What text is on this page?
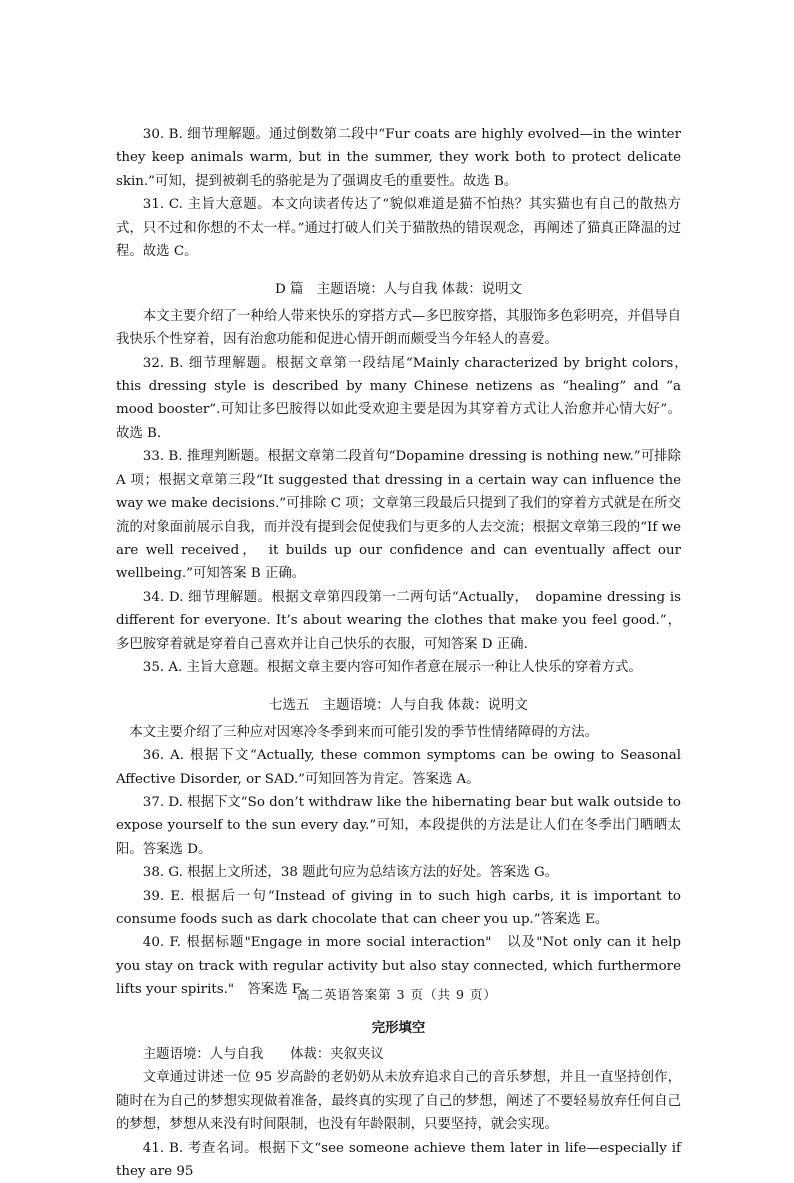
30. B. 细节理解题。通过倒数第二段中“Fur coats are highly evolved—in the winter they keep animals warm, but in the summer, they work both to protect delicate skin.”可知，提到被剃毛的骆驼是为了强调皮毛的重要性。故选 B。

31. C. 主旨大意题。本文向读者传达了“貌似难道是猫不怕热？其实猫也有自己的散热方式，只不过和你想的不太一样。”通过打破人们关于猫散热的错误观念，再阐述了猫真正降温的过程。故选 C。

D 篇　主题语境：人与自我 体裁：说明文

本文主要介绍了一种给人带来快乐的穿搭方式—多巴胺穿搭，其服饰多色彩明亮，并倡导自我快乐个性穿着，因有治愈功能和促进心情开朗而颇受当今年轻人的喜爱。

32. B. 细节理解题。根据文章第一段结尾“Mainly characterized by bright colors，　this dressing style is described by many Chinese netizens as “healing” and “a mood booster”.可知让多巴胺得以如此受欢迎主要是因为其穿着方式让人治愈并心情大好”。故选 B.

33. B. 推理判断题。根据文章第二段首句“Dopamine dressing is nothing new.”可排除 A 项；根据文章第三段“It suggested that dressing in a certain way can influence the way we make decisions.”可排除 C 项；文章第三段最后只提到了我们的穿着方式就是在所交流的对象面前展示自我，而并没有提到会促使我们与更多的人去交流；根据文章第三段的“If we are well received，　it builds up our confidence and can eventually affect our wellbeing.”可知答案 B 正确。

34. D. 细节理解题。根据文章第四段第一二两句话“Actually，　dopamine dressing is different for everyone. It’s about wearing the clothes that make you feel good.”，多巴胺穿着就是穿着自己喜欢并让自己快乐的衣服，可知答案 D 正确.

35. A. 主旨大意题。根据文章主要内容可知作者意在展示一种让人快乐的穿着方式。

七选五　主题语境：人与自我 体裁：说明文

本文主要介绍了三种应对因寒冷冬季到来而可能引发的季节性情绪障碍的方法。

36. A. 根据下文“Actually, these common symptoms can be owing to Seasonal Affective Disorder, or SAD.”可知回答为肯定。答案选 A。

37. D. 根据下文“So don’t withdraw like the hibernating bear but walk outside to expose yourself to the sun every day.”可知，本段提供的方法是让人们在冬季出门晒晒太阳。答案选 D。

38. G. 根据上文所述，38 题此句应为总结该方法的好处。答案选 G。

39. E. 根据后一句“Instead of giving in to such high carbs, it is important to consume foods such as dark chocolate that can cheer you up.”答案选 E。

40. F. 根据标题"Engage in more social interaction"　以及"Not only can it help you stay on track with regular activity but also stay connected, which furthermore lifts your spirits."　答案选 F。

完形填空

主题语境：人与自我　　体裁：夹叙夹议

文章通过讲述一位 95 岁高龄的老奶奶从未放弃追求自己的音乐梦想，并且一直坚持创作，随时在为自己的梦想实现做着准备，最终真的实现了自己的梦想，阐述了不要轻易放弃任何自己的梦想，梦想从来没有时间限制，也没有年龄限制，只要坚持，就会实现。

41. B. 考查名词。根据下文“see someone achieve them later in life—especially if they are 95

高二英语答案第 3 页（共 9 页）
